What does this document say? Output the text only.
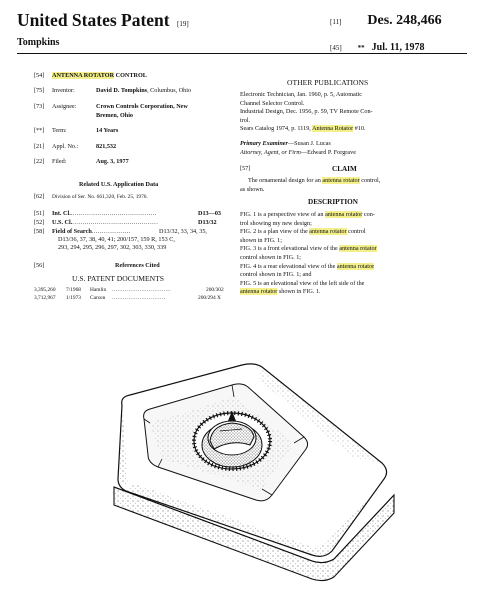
United States Patent [19]
Tompkins
[11] Des. 248,466
[45] ** Jul. 11, 1978
[54] ANTENNA ROTATOR CONTROL
[75] Inventor:	David D. Tompkins, Columbus, Ohio
[73] Assignee:	Crown Controls Corporation, New
Bremen, Ohio
[**] Term:	14 Years
[21] Appl. No.:	821,532
[22] Filed:	Aug. 3, 1977
Related U.S. Application Data
[62] Division of Ser. No. 661,320, Feb. 25, 1976.
[51] Int. Cl...........................................	D13—03
[52] U.S. Cl...........................................	D13/32
[58] Field of Search...................	D13/32, 33, 34, 35,
D13/36, 37, 38, 40, 41; 200/157, 159 R, 153 C,
293, 294, 295, 296, 297, 302, 303, 330, 339
[56]	References Cited
U.S. PATENT DOCUMENTS
3,395,260 7/1968 Hamlin ................................	200/302
3,712,967 1/1973 Carson .............................	200/294 X
OTHER PUBLICATIONS
Electronic Technician, Jan. 1960, p. 5, Automatic
Channel Selector Control.
Industrial Design, Dec. 1956, p. 59, TV Remote Con-
trol.
Sears Catalog 1974, p. 1119, Antenna Rotator #10.
Primary Examiner—Susan J. Lucas
Attorney, Agent, or Firm—Edward P. Forgrave
[57]	CLAIM
The ornamental design for an antenna rotator control,
as shown.
DESCRIPTION
FIG. 1 is a perspective view of an antenna rotator con-
trol showing my new design;
FIG. 2 is a plan view of the antenna rotator control
shown in FIG. 1;
FIG. 3 is a front elevational view of the antenna rotator
control shown in FIG. 1;
FIG. 4 is a rear elevational view of the antenna rotator
control shown in FIG. 1; and
FIG. 5 is an elevational view of the left side of the
antenna rotator shown in FIG. 1.
